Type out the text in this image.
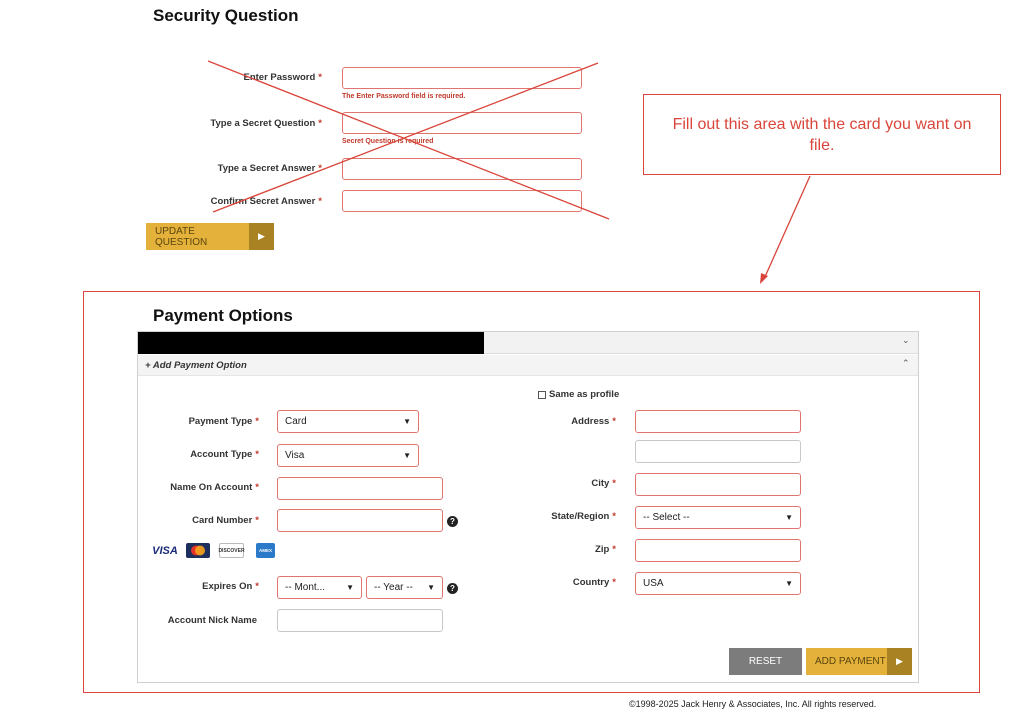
Security Question
Enter Password *
The Enter Password field is required.
Type a Secret Question *
Secret Question is required
Type a Secret Answer *
Confirm Secret Answer *
UPDATE QUESTION
▶
Fill out this area with the card you want on file.
Payment Options
⌄
+ Add Payment Option	⌃
Same as profile
Payment Type *	Card	▼
Account Type *	Visa	▼
Name On Account *
Card Number *	?
VISA	DISCOVER	AMEX
Expires On *	-- Mont...	▼ -- Year -- ▼	?
Account Nick Name
Address *
City *
State/Region *	-- Select --	▼
Zip *
Country *	USA	▼
RESET	ADD PAYMENT	▶
©1998-2025 Jack Henry & Associates, Inc. All rights reserved.
